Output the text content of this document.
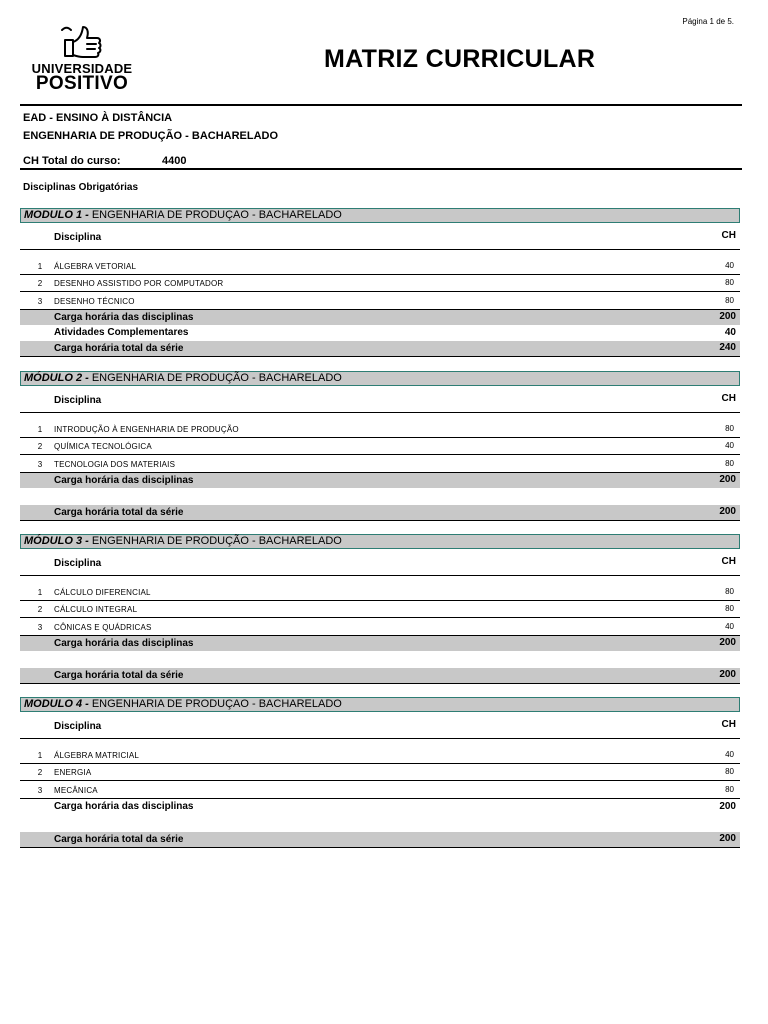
Página 1 de 5.
UNIVERSIDADE
POSITIVO
MATRIZ CURRICULAR
EAD - ENSINO À DISTÂNCIA
ENGENHARIA DE PRODUÇÃO - BACHARELADO
CH Total do curso:	4400
Disciplinas Obrigatórias
MODULO 1 - ENGENHARIA DE PRODUÇAO - BACHARELADO
Disciplina	CH
1	ÁLGEBRA VETORIAL	40
2	DESENHO ASSISTIDO POR COMPUTADOR	80
3	DESENHO TÉCNICO	80
Carga horária das disciplinas	200
Atividades Complementares	40
Carga horária total da série	240
MÓDULO 2 - ENGENHARIA DE PRODUÇÃO - BACHARELADO
Disciplina	CH
1	INTRODUÇÃO À ENGENHARIA DE PRODUÇÃO	80
2	QUÍMICA TECNOLÓGICA	40
3	TECNOLOGIA DOS MATERIAIS	80
Carga horária das disciplinas	200
Carga horária total da série	200
MÓDULO 3 - ENGENHARIA DE PRODUÇÃO - BACHARELADO
Disciplina	CH
1	CÁLCULO DIFERENCIAL	80
2	CÁLCULO INTEGRAL	80
3	CÔNICAS E QUÁDRICAS	40
Carga horária das disciplinas	200
Carga horária total da série	200
MODULO 4 - ENGENHARIA DE PRODUÇAO - BACHARELADO
Disciplina	CH
1	ÁLGEBRA MATRICIAL	40
2	ENERGIA	80
3	MECÂNICA	80
Carga horária das disciplinas	200
Carga horária total da série	200
